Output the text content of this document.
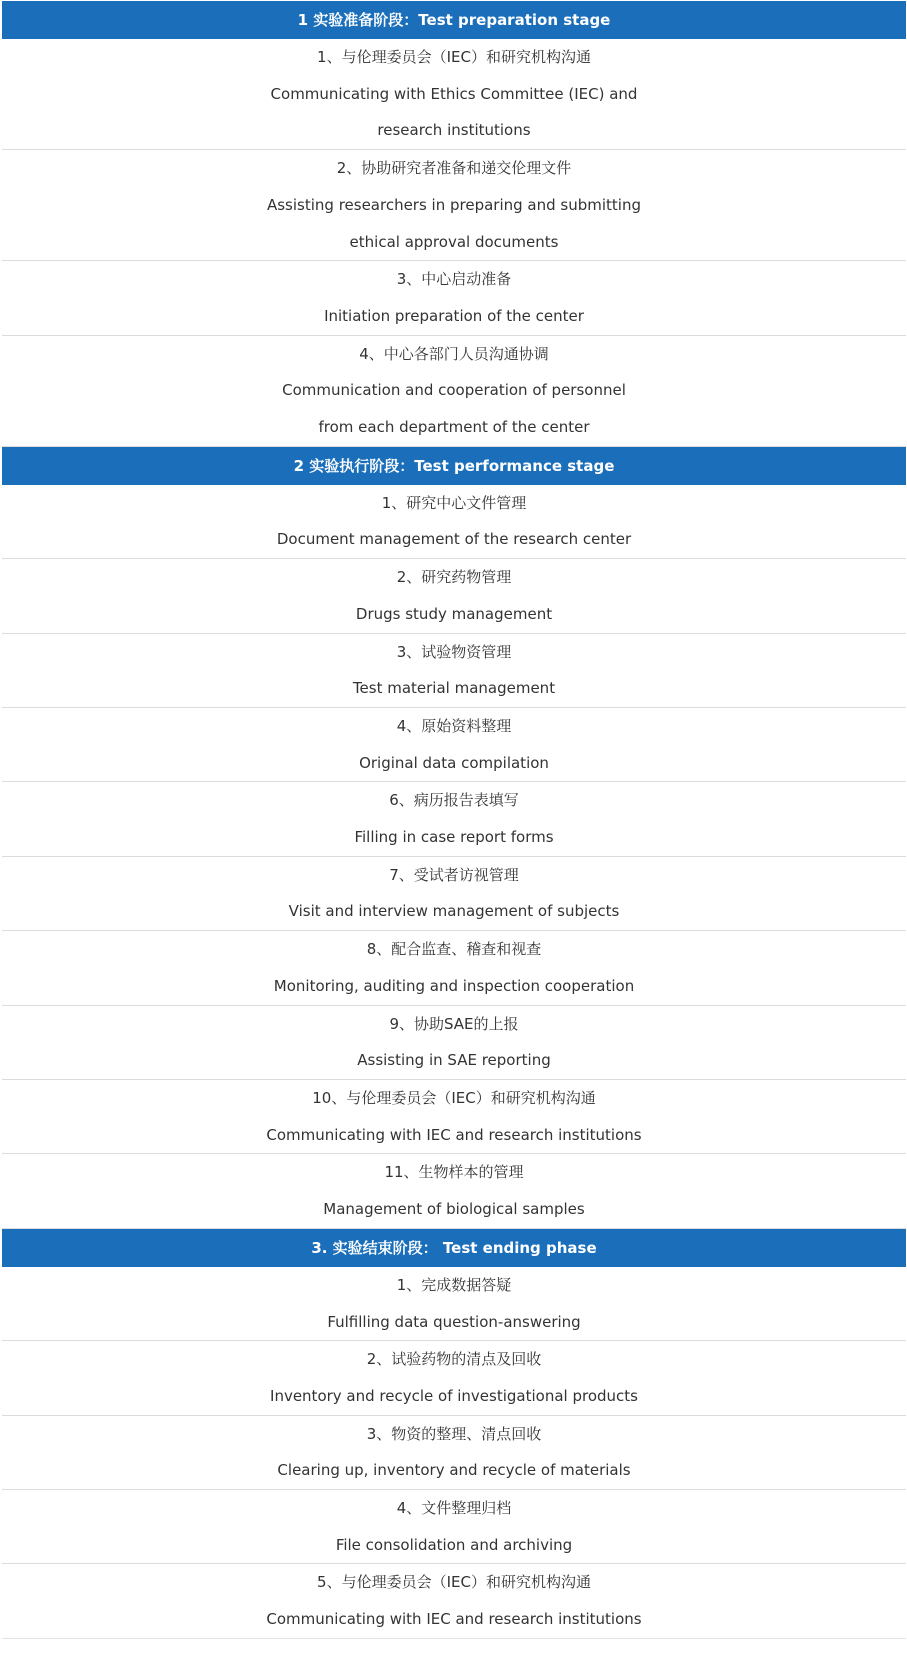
1 实验准备阶段：Test preparation stage
1、与伦理委员会（IEC）和研究机构沟通
Communicating with Ethics Committee (IEC) and
research institutions
2、协助研究者准备和递交伦理文件
Assisting researchers in preparing and submitting
ethical approval documents
3、中心启动准备
Initiation preparation of the center
4、中心各部门人员沟通协调
Communication and cooperation of personnel
from each department of the center
2 实验执行阶段：Test performance stage
1、研究中心文件管理
Document management of the research center
2、研究药物管理
Drugs study management
3、试验物资管理
Test material management
4、原始资料整理
Original data compilation
6、病历报告表填写
Filling in case report forms
7、受试者访视管理
Visit and interview management of subjects
8、配合监查、稽查和视查
Monitoring, auditing and inspection cooperation
9、协助SAE的上报
Assisting in SAE reporting
10、与伦理委员会（IEC）和研究机构沟通
Communicating with IEC and research institutions
11、生物样本的管理
Management of biological samples
3. 实验结束阶段： Test ending phase
1、完成数据答疑
Fulfilling data question-answering
2、试验药物的清点及回收
Inventory and recycle of investigational products
3、物资的整理、清点回收
Clearing up, inventory and recycle of materials
4、文件整理归档
File consolidation and archiving
5、与伦理委员会（IEC）和研究机构沟通
Communicating with IEC and research institutions
